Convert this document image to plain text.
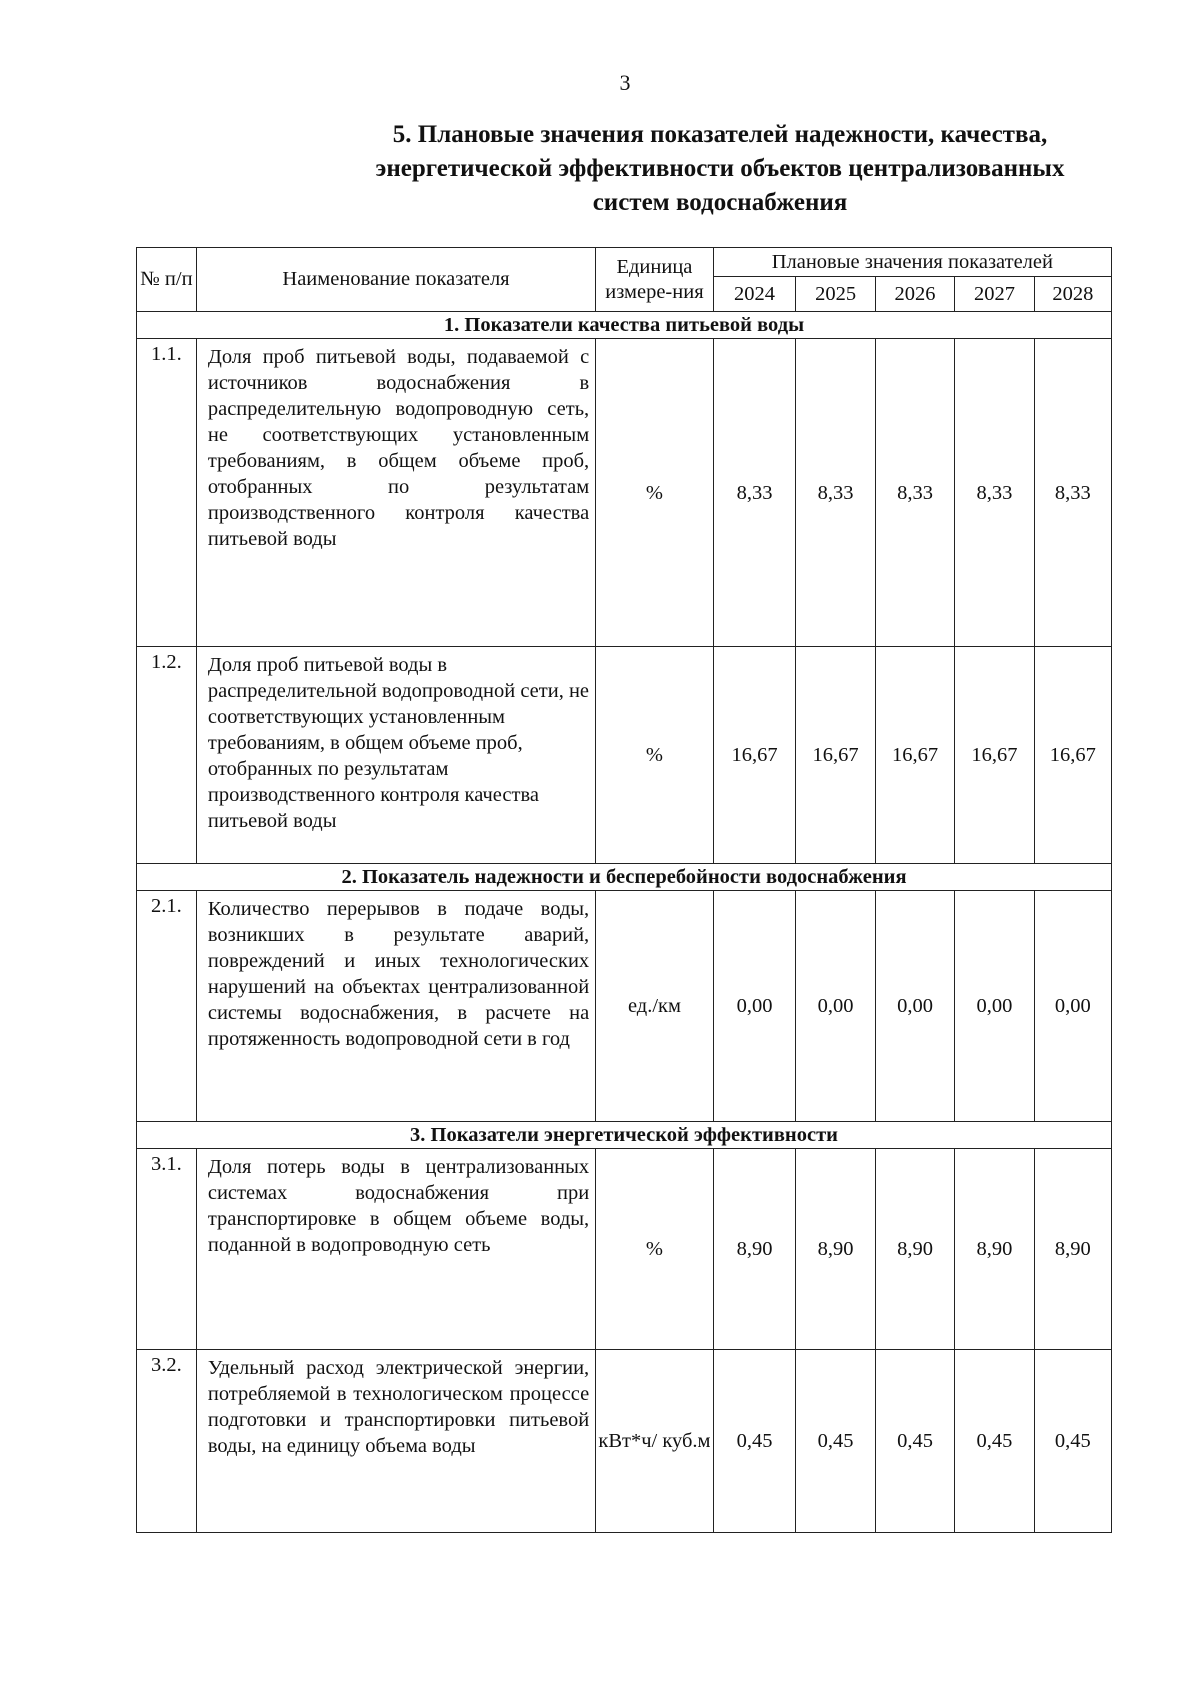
3
5. Плановые значения показателей надежности, качества,
энергетической эффективности объектов централизованных
систем водоснабжения
№ п/п	Наименование показателя	Единица измере-ния	Плановые значения показателей				
			2024	2025	2026	2027	2028
1. Показатели качества питьевой воды							
1.1.	Доля проб питьевой воды, подаваемой с источников водоснабжения в распределительную водопроводную сеть, не соответствующих установленным требованиям, в общем объеме проб, отобранных по результатам производственного контроля качества питьевой воды	%	8,33	8,33	8,33	8,33	8,33
1.2.	Доля проб питьевой воды в распределительной водопроводной сети, не соответствующих установленным требованиям, в общем объеме проб, отобранных по результатам производственного контроля качества питьевой воды	%	16,67	16,67	16,67	16,67	16,67
2. Показатель надежности и бесперебойности водоснабжения							
2.1.	Количество перерывов в подаче воды, возникших в результате аварий, повреждений и иных технологических нарушений на объектах централизованной системы водоснабжения, в расчете на протяженность водопроводной сети в год	ед./км	0,00	0,00	0,00	0,00	0,00
3. Показатели энергетической эффективности							
3.1.	Доля потерь воды в централизованных системах водоснабжения при транспортировке в общем объеме воды, поданной в водопроводную сеть	%	8,90	8,90	8,90	8,90	8,90
3.2.	Удельный расход электрической энергии, потребляемой в технологическом процессе подготовки и транспортировки питьевой воды, на единицу объема воды	кВт*ч/ куб.м	0,45	0,45	0,45	0,45	0,45
